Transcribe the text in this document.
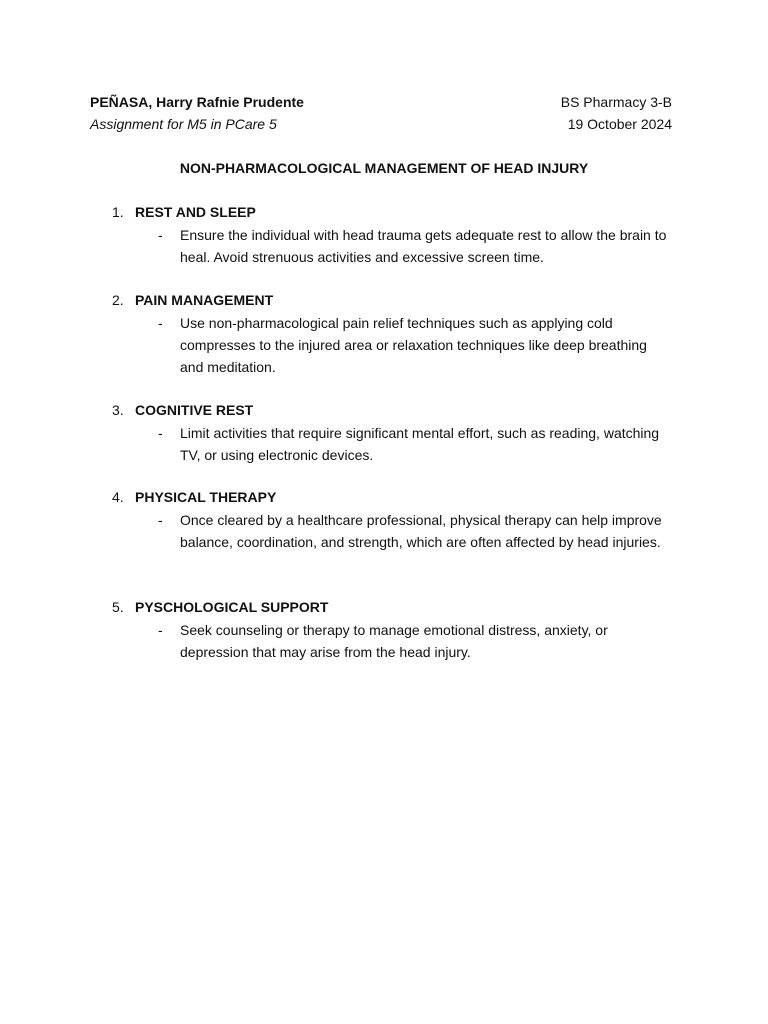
PEÑASA, Harry Rafnie Prudente	BS Pharmacy 3-B
Assignment for M5 in PCare 5	19 October 2024
NON-PHARMACOLOGICAL MANAGEMENT OF HEAD INJURY
1. REST AND SLEEP
- Ensure the individual with head trauma gets adequate rest to allow the brain to heal. Avoid strenuous activities and excessive screen time.
2. PAIN MANAGEMENT
- Use non-pharmacological pain relief techniques such as applying cold compresses to the injured area or relaxation techniques like deep breathing and meditation.
3. COGNITIVE REST
- Limit activities that require significant mental effort, such as reading, watching TV, or using electronic devices.
4. PHYSICAL THERAPY
- Once cleared by a healthcare professional, physical therapy can help improve balance, coordination, and strength, which are often affected by head injuries.
5. PYSCHOLOGICAL SUPPORT
- Seek counseling or therapy to manage emotional distress, anxiety, or depression that may arise from the head injury.
